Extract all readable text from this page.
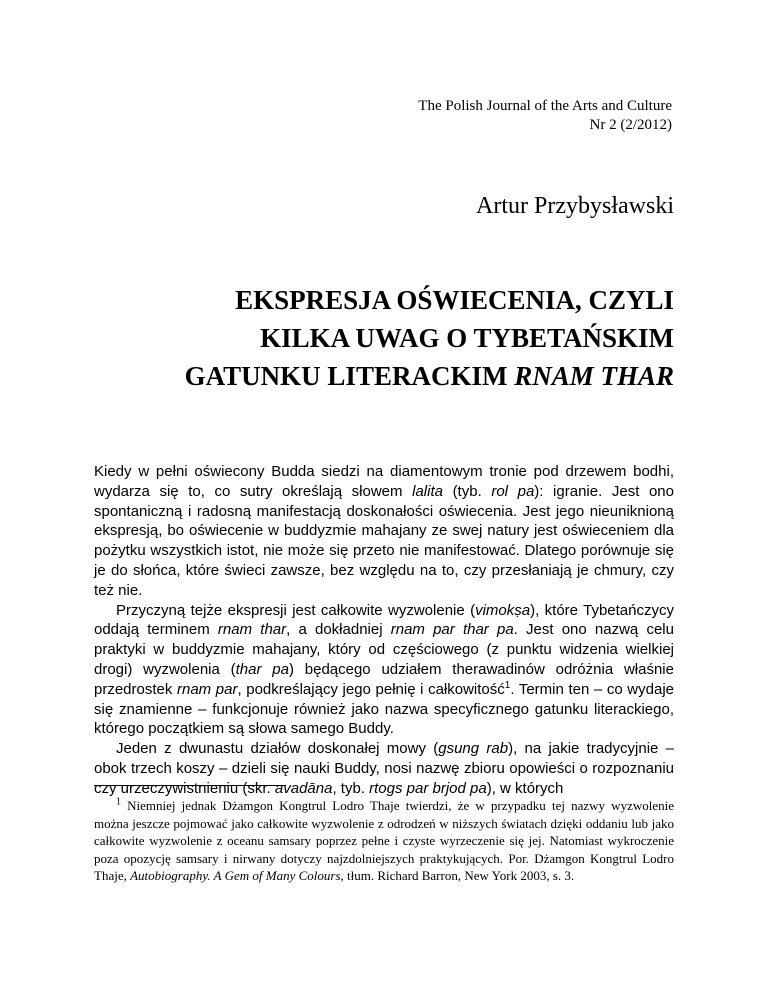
The Polish Journal of the Arts and Culture
Nr 2 (2/2012)
Artur Przybysławski
EKSPRESJA OŚWIECENIA, CZYLI
KILKA UWAG O TYBETAŃSKIM
GATUNKU LITERACKIM RNAM THAR

Kiedy w pełni oświecony Budda siedzi na diamentowym tronie pod drzewem bodhi, wydarza się to, co sutry określają słowem lalita (tyb. rol pa): igranie. Jest ono spontaniczną i radosną manifestacją doskonałości oświecenia. Jest jego nieuniknioną ekspresją, bo oświecenie w buddyzmie mahajany ze swej natury jest oświeceniem dla pożytku wszystkich istot, nie może się przeto nie manifestować. Dlatego porównuje się je do słońca, które świeci zawsze, bez względu na to, czy przesłaniają je chmury, czy też nie.

Przyczyną tejże ekspresji jest całkowite wyzwolenie (vimokṣa), które Tybetańczycy oddają terminem rnam thar, a dokładniej rnam par thar pa. Jest ono nazwą celu praktyki w buddyzmie mahajany, który od częściowego (z punktu widzenia wielkiej drogi) wyzwolenia (thar pa) będącego udziałem therawadinów odróżnia właśnie przedrostek rnam par, podkreślający jego pełnię i całkowitość$^1$. Termin ten – co wydaje się znamienne – funkcjonuje również jako nazwa specyficznego gatunku literackiego, którego początkiem są słowa samego Buddy.

Jeden z dwunastu działów doskonałej mowy (gsung rab), na jakie tradycyjnie – obok trzech koszy – dzieli się nauki Buddy, nosi nazwę zbioru opowieści o rozpoznaniu czy urzeczywistnieniu (skr. avadāna, tyb. rtogs par brjod pa), w których

$^1$ Niemniej jednak Dżamgon Kongtrul Lodro Thaje twierdzi, że w przypadku tej nazwy wyzwolenie można jeszcze pojmować jako całkowite wyzwolenie z odrodzeń w niższych światach dzięki oddaniu lub jako całkowite wyzwolenie z oceanu samsary poprzez pełne i czyste wyrzeczenie się jej. Natomiast wykroczenie poza opozycję samsary i nirwany dotyczy najzdolniejszych praktykujących. Por. Dżamgon Kongtrul Lodro Thaje, Autobiography. A Gem of Many Colours, tłum. Richard Barron, New York 2003, s. 3.
